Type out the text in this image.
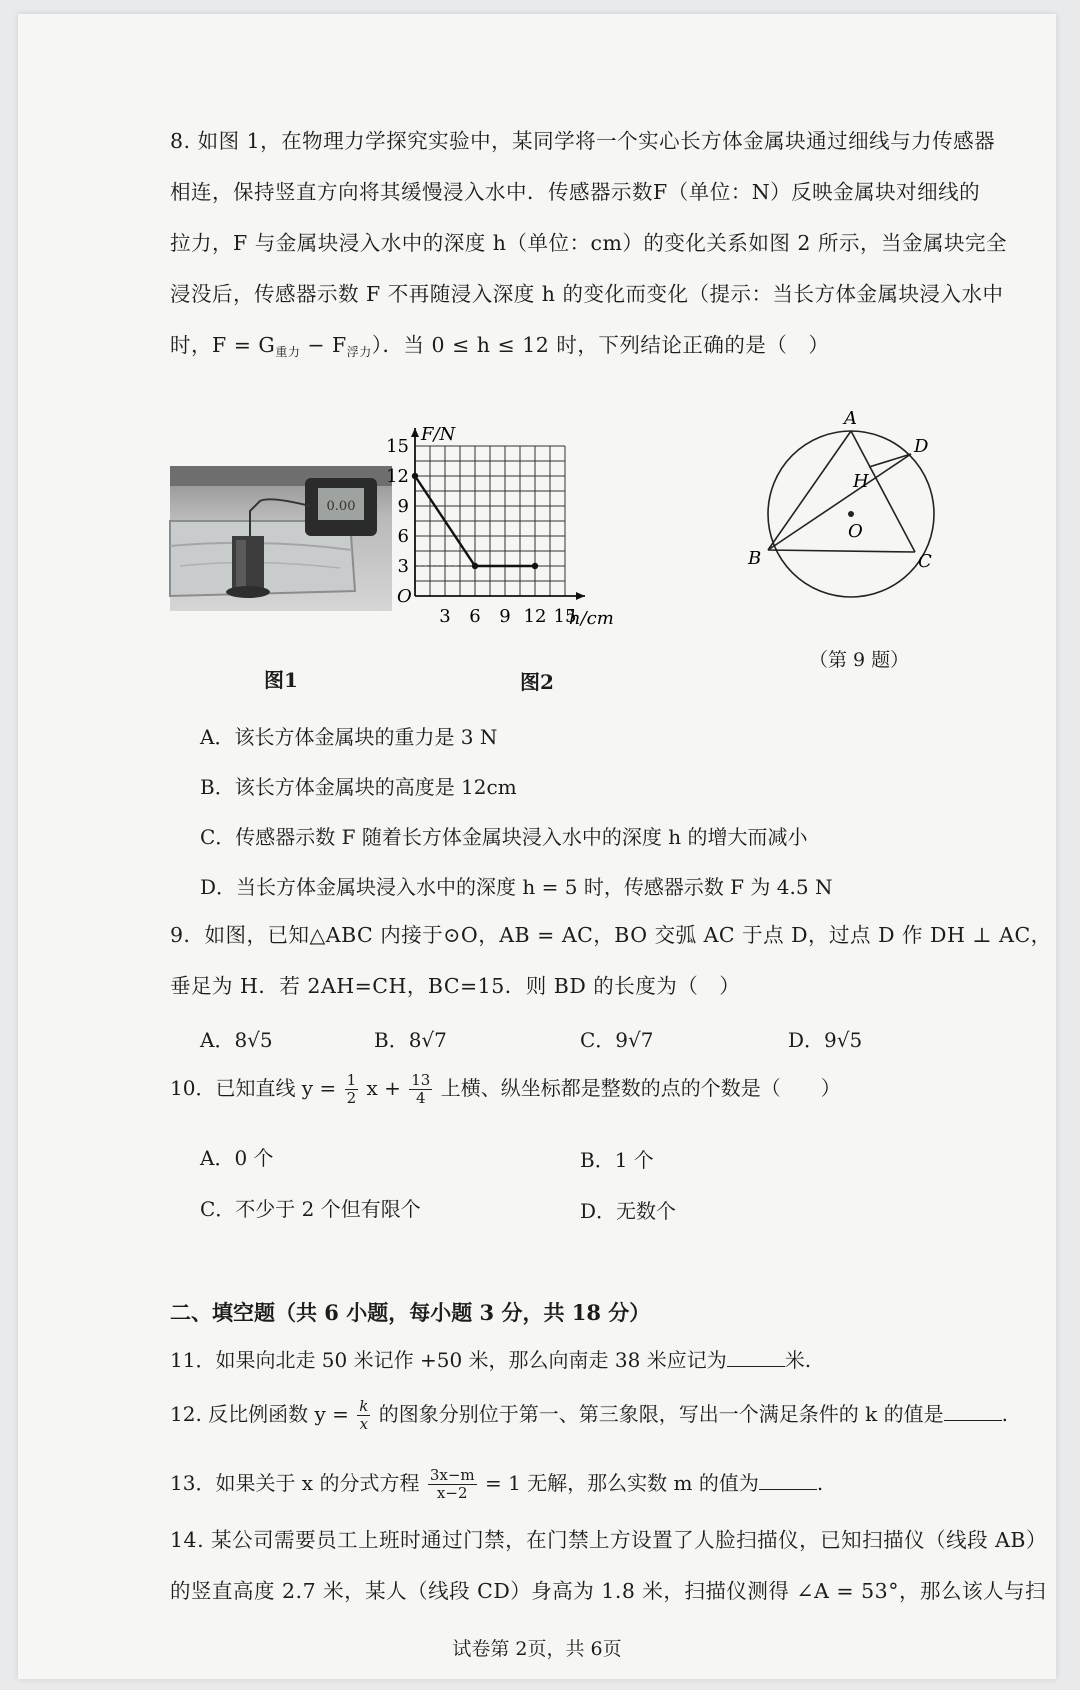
8. 如图 1，在物理力学探究实验中，某同学将一个实心长方体金属块通过细线与力传感器
相连，保持竖直方向将其缓慢浸入水中．传感器示数F（单位：N）反映金属块对细线的
拉力，F 与金属块浸入水中的深度 h（单位：cm）的变化关系如图 2 所示，当金属块完全
浸没后，传感器示数 F 不再随浸入深度 h 的变化而变化（提示：当长方体金属块浸入水中
时，$F = G_{重力} - F_{浮力}$）．当 0 ≤ h ≤ 12 时，下列结论正确的是（　）
0.00
图1
F/N
h/cm
O
3 6 9 12 15
3
6
9
12
15
图2
A
B	C
D
H
O
（第 9 题）
A．该长方体金属块的重力是 3 N
B．该长方体金属块的高度是 12cm
C．传感器示数 F 随着长方体金属块浸入水中的深度 h 的增大而减小
D．当长方体金属块浸入水中的深度 h = 5 时，传感器示数 F 为 4.5 N
9．如图，已知△ABC 内接于⊙O，AB = AC，BO 交弧 AC 于点 D，过点 D 作 DH ⊥ AC，
垂足为 H．若 2AH=CH，BC=15．则 BD 的长度为（　）
A．8√5	B．8√7	C．9√7	D．9√5
10．已知直线 $y = \frac{1}{2}$ $x + \frac{13}{4}$ 上横、纵坐标都是整数的点的个数是（　　）
A．0 个	B．1 个
C．不少于 2 个但有限个	D．无数个
二、填空题（共 6 小题，每小题 3 分，共 18 分）
11．如果向北走 50 米记作 +50 米，那么向南走 38 米应记为	米.
12. 反比例函数 $y = \frac{k}{x}$ 的图象分别位于第一、第三象限，写出一个满足条件的 k 的值是	.
13．如果关于 x 的分式方程 $\frac{3x-m}{x-2} = 1$ 无解，那么实数 m 的值为	.
14. 某公司需要员工上班时通过门禁，在门禁上方设置了人脸扫描仪，已知扫描仪（线段 AB）
的竖直高度 2.7 米，某人（线段 CD）身高为 1.8 米，扫描仪测得 ∠A = 53°，那么该人与扫
试卷第 2页，共 6页
